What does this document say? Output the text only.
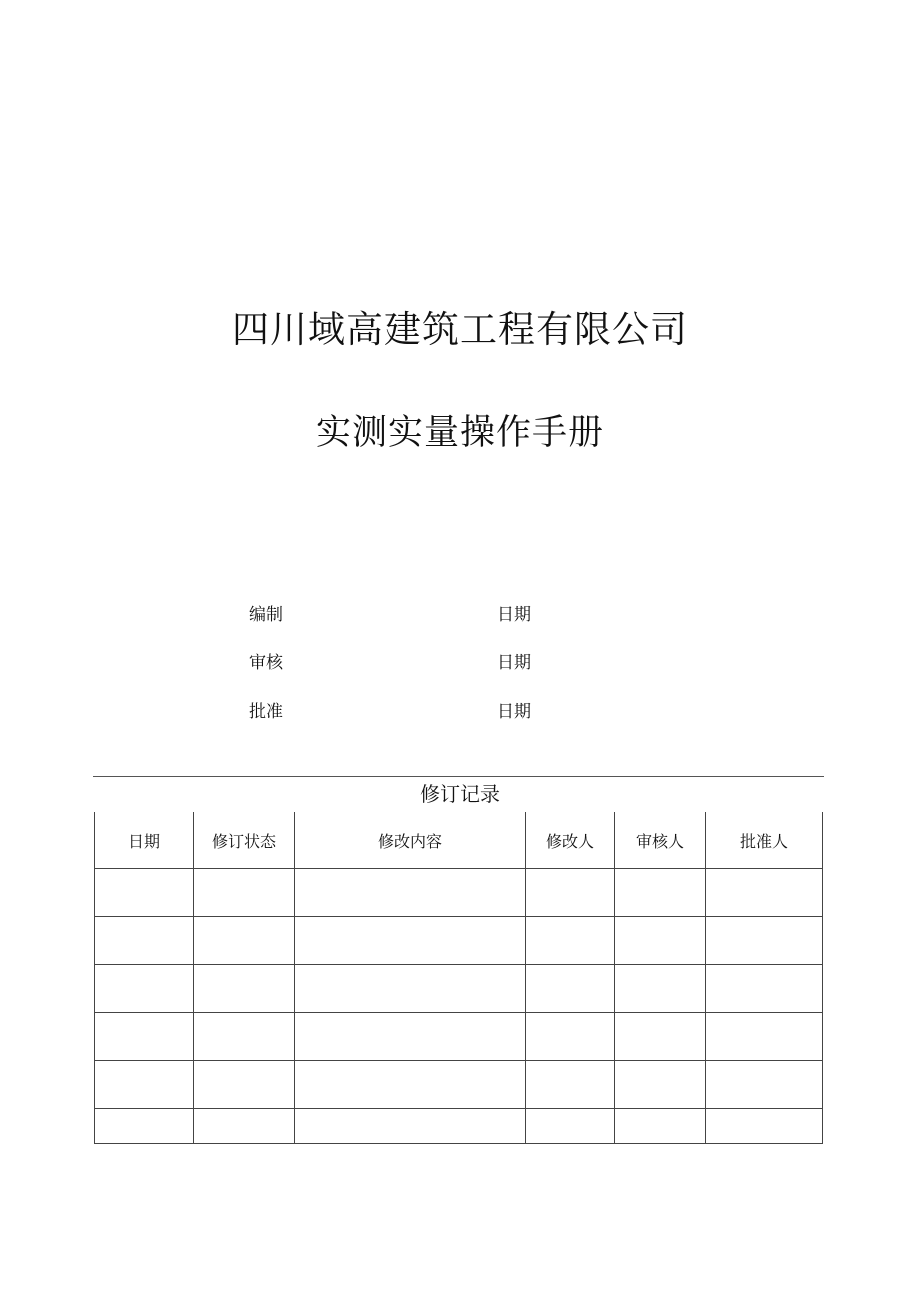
四川域高建筑工程有限公司
实测实量操作手册
编制	日期
审核	日期
批准	日期
修订记录
日期	修订状态	修改内容	修改人	审核人	批准人
